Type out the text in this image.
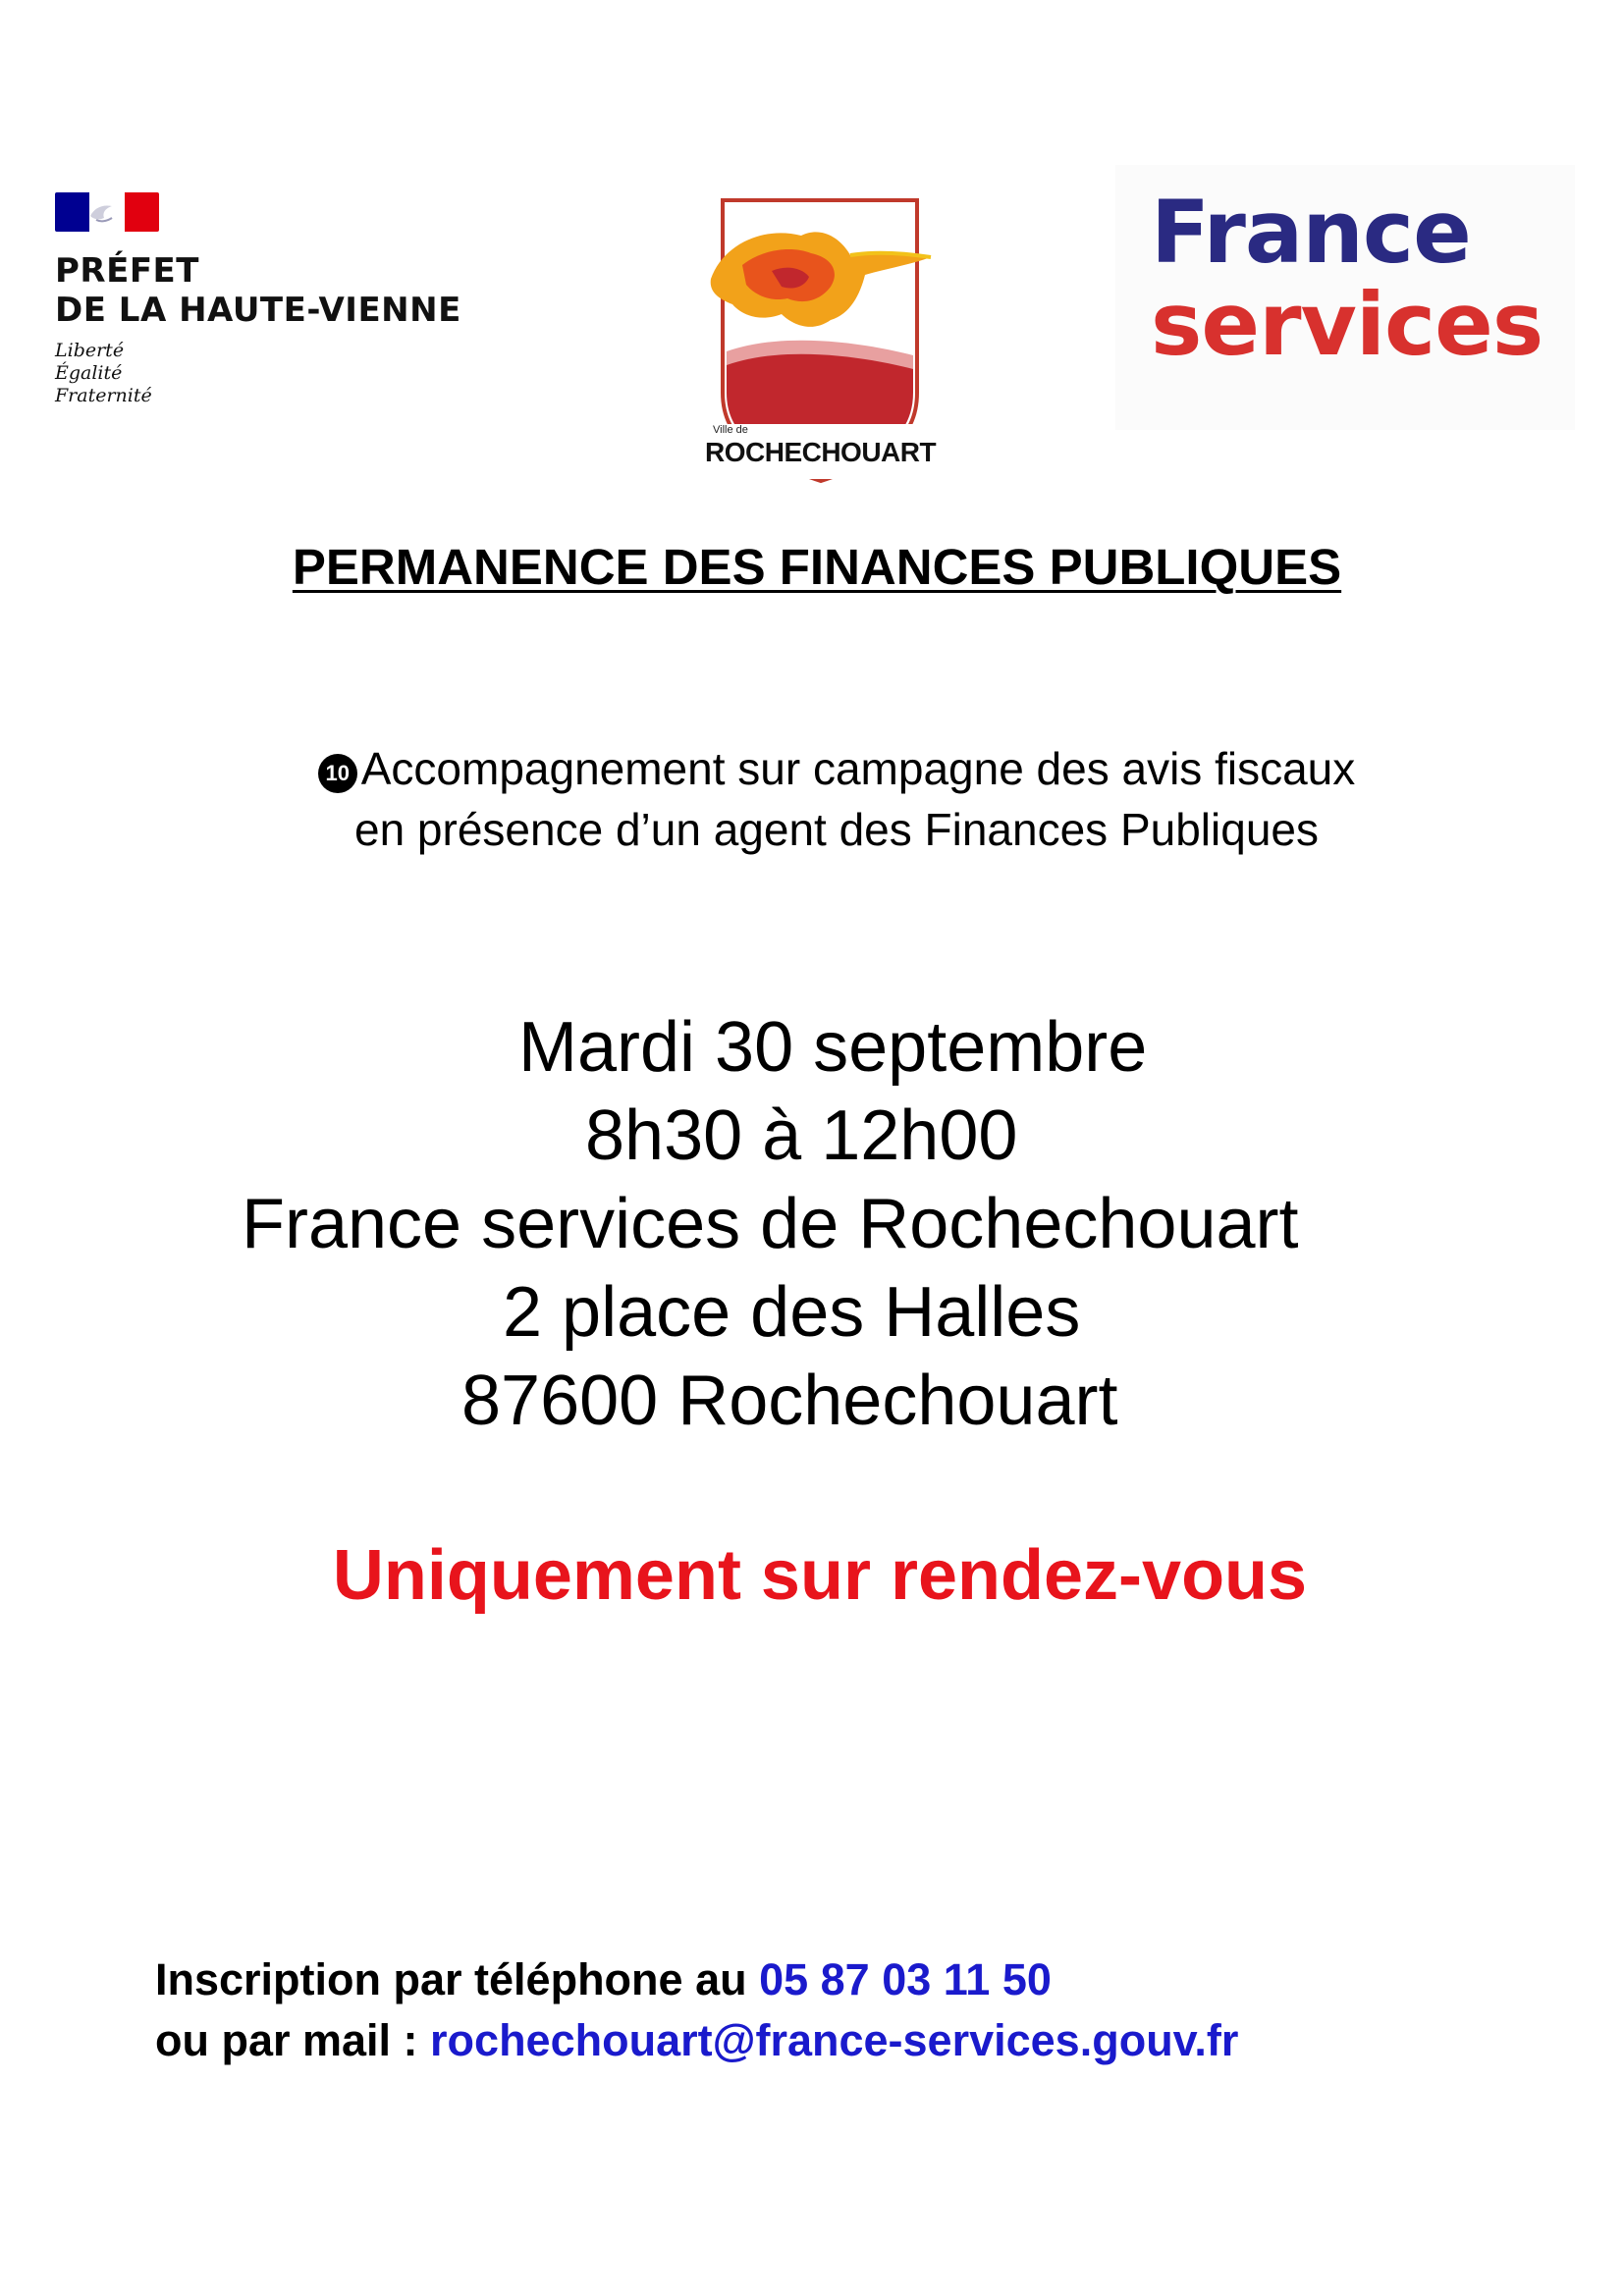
PRÉFET

DE LA HAUTE-VIENNE

Liberté
Égalité
Fraternité
Ville de
ROCHECHOUART
France
services
PERMANENCE DES FINANCES PUBLIQUES
10 Accompagnement sur campagne des avis fiscaux
en présence d’un agent des Finances Publiques
Mardi 30 septembre
8h30 à 12h00
France services de Rochechouart
2 place des Halles
87600 Rochechouart
Uniquement sur rendez-vous
Inscription par téléphone au 05 87 03 11 50
ou par mail : rochechouart@france-services.gouv.fr
